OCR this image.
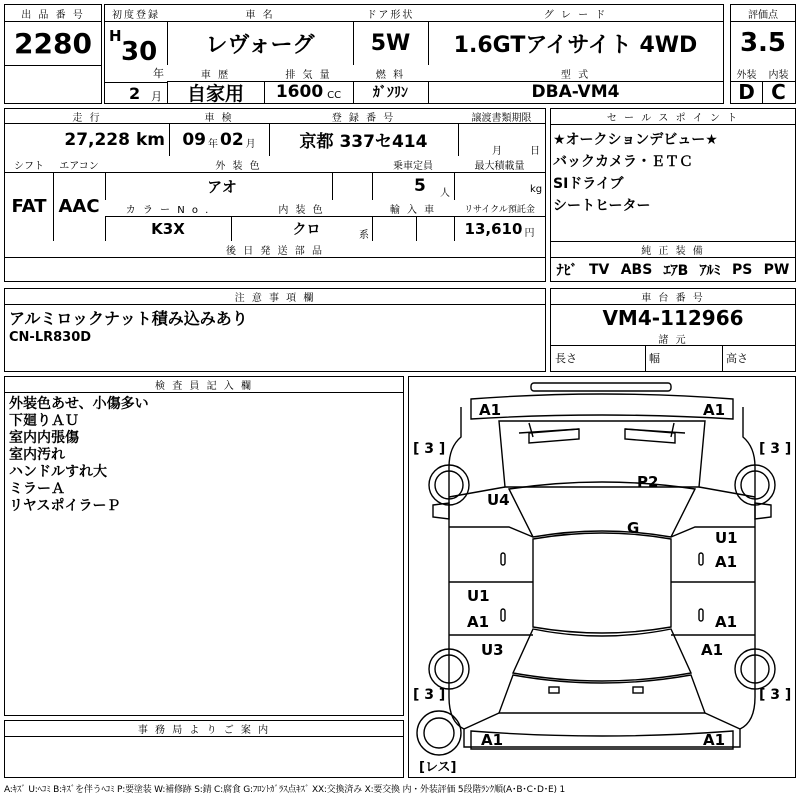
出 品 番 号
2280
初度登録
H
30
年
2 月
車 名
レヴォーグ
車 歴
自家用
排 気 量
1600 CC
ドア形状
5W
燃 料
ｶﾞｿﾘﾝ
グ レ ー ド
1.6GTアイサイト 4WD
型 式
DBA-VM4
評価点
3.5
外装	内装
D C
走 行
27,228 km
車 検
09 年 02 月
登 録 番 号
京都 337セ414
譲渡書類期限
月	日
シフト	エアコン
FAT AAC
外 装 色
アオ
乗車定員
5 人
最大積載量
kg
カ ラ ー N o .
K3X
内 装 色
クロ	系
輸 入 車	リサイクル預託金
13,610 円
後 日 発 送 部 品
セ ー ル ス ポ イ ン ト
★オークションデビュー★
バックカメラ・ＥＴＣ
SIドライブ
シートヒーター
純 正 装 備
ﾅﾋﾞ TV ABS ｴｱB ｱﾙﾐ PS PW
注 意 事 項 欄
アルミロックナット積み込みあり
CN-LR830D
車 台 番 号
VM4-112966
諸 元
長さ	幅	高さ
検 査 員 記 入 欄
外装色あせ、小傷多い
下廻りＡＵ
室内内張傷
室内汚れ
ハンドルすれ大
ミラーＡ
リヤスポイラーＰ
事 務 局 よ り ご 案 内
[ 3 ]	[ 3 ]
[ 3 ]	[ 3 ]
A1	A1
U4
P2
G
U1
A1
U1
A1	A1
U3	A1
A1	A1
[レス]
A:ｷｽﾞ U:ﾍｺﾐ B:ｷｽﾞを伴うﾍｺﾐ P:要塗装 W:補修跡 S:錆 C:腐食 G:ﾌﾛﾝﾄｶﾞﾗｽ点ｷｽﾞ XX:交換済み X:要交換 内・外装評価 5段階ﾗﾝｸ順(A･B･C･D･E) 1
